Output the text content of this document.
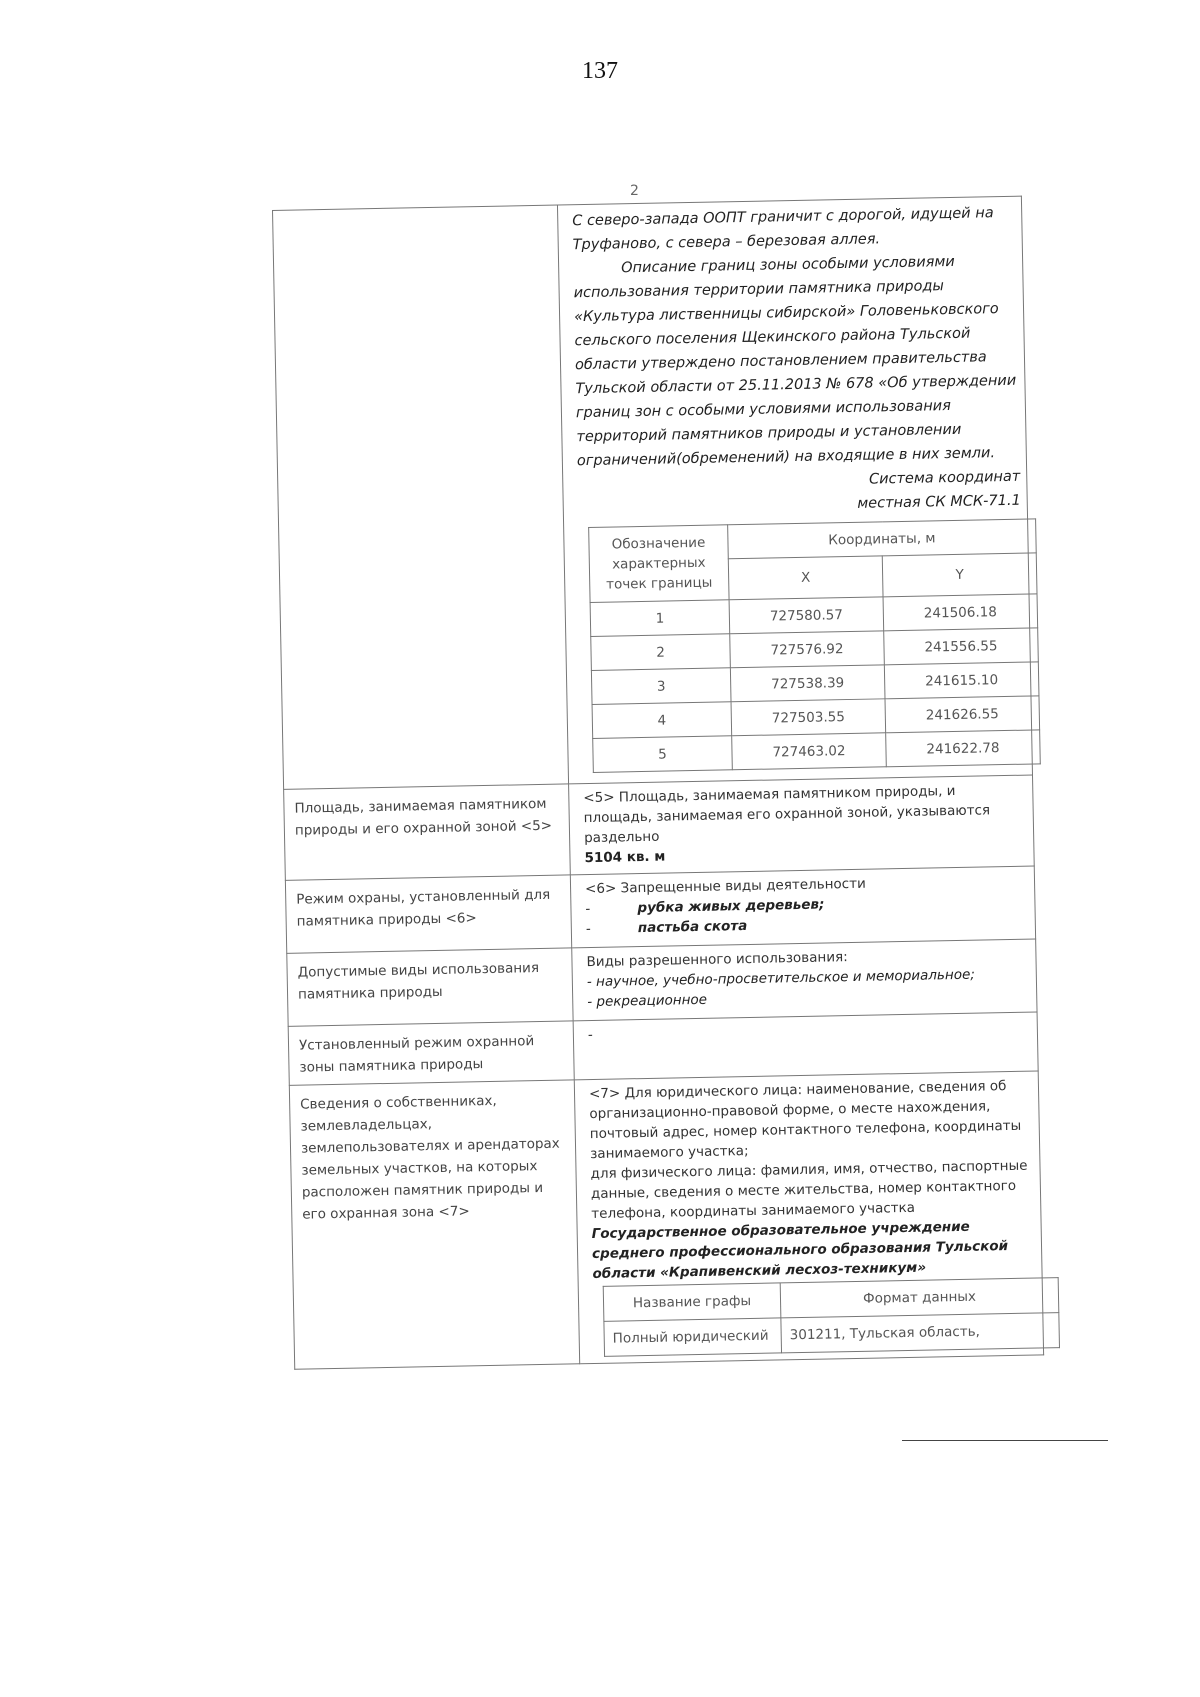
137
2

С северо-запада ООПТ граничит с дорогой, идущей на Труфаново, с севера – березовая аллея.
Описание границ зоны особыми условиями использования территории памятника природы «Культура лиственницы сибирской» Головеньковского сельского поселения Щекинского района Тульской области утверждено постановлением правительства Тульской области от 25.11.2013 № 678 «Об утверждении границ зон с особыми условиями использования территорий памятников природы и установлении ограничений(обременений) на входящие в них земли.
Система координат
местная СК МСК-71.1
Обозначение характерных точек границы	Координаты, м
X	Y
1	727580.57	241506.18
2	727576.92	241556.55
3	727538.39	241615.10
4	727503.55	241626.55
5	727463.02	241622.78

Площадь, занимаемая памятником природы и его охранной зоной <5>	
<5> Площадь, занимаемая памятником природы, и площадь, занимаемая его охранной зоной, указываются раздельно
5104 кв. м

Режим охраны, установленный для памятника природы <6>	
<6> Запрещенные виды деятельности
-	рубка живых деревьев;
-	пастьба скота

Допустимые виды использования памятника природы	
Виды разрешенного использования:
- научное, учебно-просветительское и мемориальное;
- рекреационное

Установленный режим охранной зоны памятника природы	-
Сведения о собственниках, землевладельцах, землепользователях и арендаторах земельных участков, на которых расположен памятник природы и его охранная зона <7>	
<7> Для юридического лица: наименование, сведения об организационно-правовой форме, о месте нахождения, почтовый адрес, номер контактного телефона, координаты занимаемого участка;
для физического лица: фамилия, имя, отчество, паспортные данные, сведения о месте жительства, номер контактного телефона, координаты занимаемого участка
Государственное образовательное учреждение среднего профессионального образования Тульской области «Крапивенский лесхоз-техникум»
Название графы	Формат данных
Полный юридический	301211, Тульская область,
